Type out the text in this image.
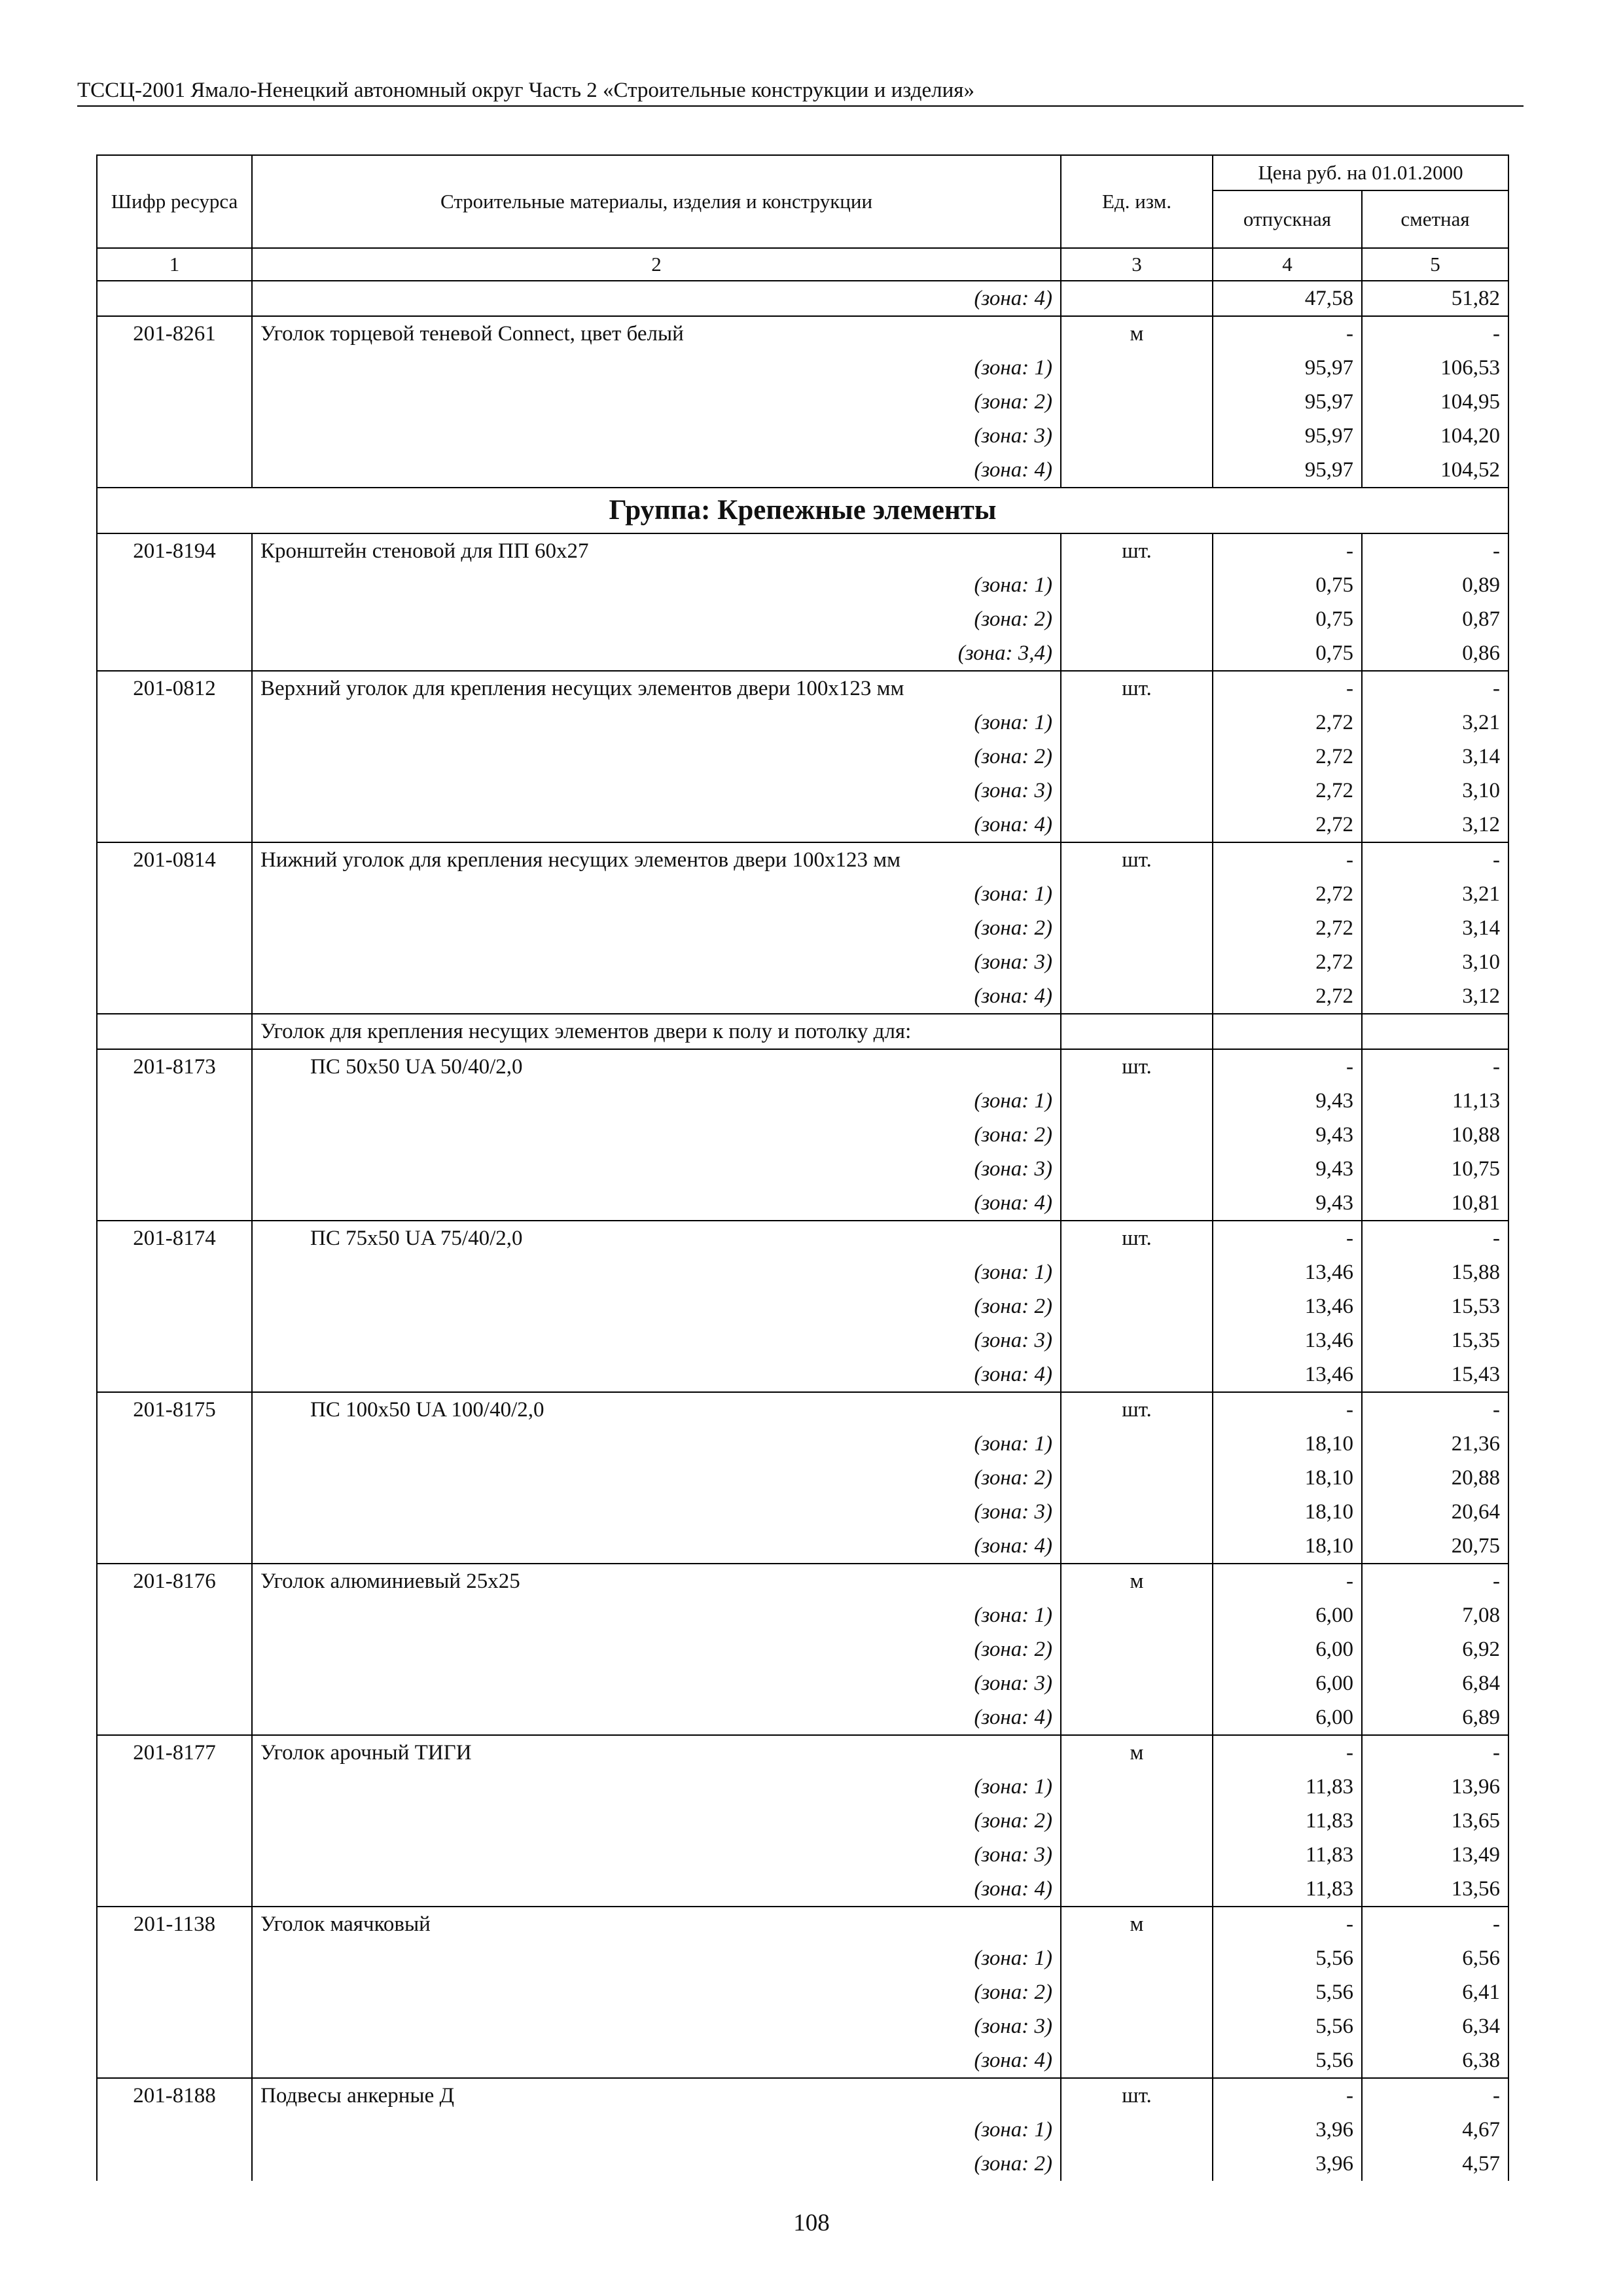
ТССЦ-2001 Ямало-Ненецкий автономный округ Часть 2 «Строительные конструкции и изделия»
Шифр ресурса	Строительные материалы, изделия и конструкции	Ед. изм.	Цена руб. на 01.01.2000	
			отпускная	сметная
1	2	3	4	5
	(зона: 4)		47,58	51,82
201-8261	Уголок торцевой теневой Connect, цвет белый	м	-	-
	(зона: 1)		95,97	106,53
	(зона: 2)		95,97	104,95
	(зона: 3)		95,97	104,20
	(зона: 4)		95,97	104,52
Группа: Крепежные элементы				
201-8194	Кронштейн стеновой для ПП 60х27	шт.	-	-
	(зона: 1)		0,75	0,89
	(зона: 2)		0,75	0,87
	(зона: 3,4)		0,75	0,86
201-0812	Верхний уголок для крепления несущих элементов двери 100х123 мм	шт.	-	-
	(зона: 1)		2,72	3,21
	(зона: 2)		2,72	3,14
	(зона: 3)		2,72	3,10
	(зона: 4)		2,72	3,12
201-0814	Нижний уголок для крепления несущих элементов двери 100х123 мм	шт.	-	-
	(зона: 1)		2,72	3,21
	(зона: 2)		2,72	3,14
	(зона: 3)		2,72	3,10
	(зона: 4)		2,72	3,12
	Уголок для крепления несущих элементов двери к полу и потолку для:			
201-8173	ПС 50х50 UA 50/40/2,0	шт.	-	-
	(зона: 1)		9,43	11,13
	(зона: 2)		9,43	10,88
	(зона: 3)		9,43	10,75
	(зона: 4)		9,43	10,81
201-8174	ПС 75х50 UA 75/40/2,0	шт.	-	-
	(зона: 1)		13,46	15,88
	(зона: 2)		13,46	15,53
	(зона: 3)		13,46	15,35
	(зона: 4)		13,46	15,43
201-8175	ПС 100х50 UA 100/40/2,0	шт.	-	-
	(зона: 1)		18,10	21,36
	(зона: 2)		18,10	20,88
	(зона: 3)		18,10	20,64
	(зона: 4)		18,10	20,75
201-8176	Уголок алюминиевый 25х25	м	-	-
	(зона: 1)		6,00	7,08
	(зона: 2)		6,00	6,92
	(зона: 3)		6,00	6,84
	(зона: 4)		6,00	6,89
201-8177	Уголок арочный ТИГИ	м	-	-
	(зона: 1)		11,83	13,96
	(зона: 2)		11,83	13,65
	(зона: 3)		11,83	13,49
	(зона: 4)		11,83	13,56
201-1138	Уголок маячковый	м	-	-
	(зона: 1)		5,56	6,56
	(зона: 2)		5,56	6,41
	(зона: 3)		5,56	6,34
	(зона: 4)		5,56	6,38
201-8188	Подвесы анкерные Д	шт.	-	-
	(зона: 1)		3,96	4,67
	(зона: 2)		3,96	4,57
108
